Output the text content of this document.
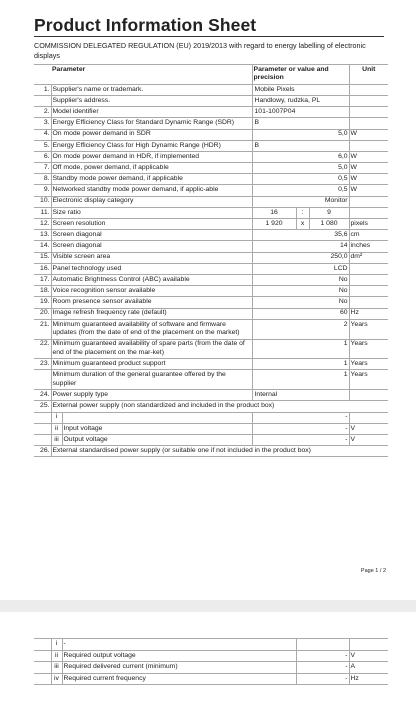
Product Information Sheet
COMMISSION DELEGATED REGULATION (EU) 2019/2013 with regard to energy labelling of electronic displays
Parameter			Parameter or value and precision			Unit
1.	Supplier's name or trademark.		Mobile Pixels			
	Supplier's address.		Handlowy, rudzka, PL			
2.	Model identifier		101-1007P04			
3.	Energy Efficiency Class for Standard Dynamic Range (SDR)		B			
4.	On mode power demand in SDR		5,0			W
5.	Energy Efficiency Class for High Dynamic Range (HDR)		B			
6.	On mode power demand in HDR, if implemented		6,0			W
7.	Off mode, power demand, if applicable		5,0			W
8.	Standby mode power demand, if applicable		0,5			W
9.	Networked standby mode power demand, if applic-able		0,5			W
10.	Electronic display category		Monitor			
11.	Size ratio		16	:	9	
12.	Screen resolution		1 920	x	1 080	pixels
13.	Screen diagonal		35,6			cm
14.	Screen diagonal		14			inches
15.	Visible screen area		250,0			dm²
16.	Panel technology used		LCD			
17.	Automatic Brightness Control (ABC) available		No			
18.	Voice recognition sensor available		No			
19.	Room presence sensor available		No			
20.	Image refresh frequency rate (default)		60			Hz
21.	Minimum guaranteed availability of software and firmware updates (from the date of end of the placement on the market)		2			Years
22.	Minimum guaranteed availability of spare parts (from the date of end of the placement on the mar-ket)		1			Years
23.	Minimum guaranteed product support		1			Years
	Minimum duration of the general guarantee offered by the supplier		1			Years
24.	Power supply type		Internal			
25.	External power supply (non standardized and included in the product box)					
	i		-			
	ii	Input voltage	-			V
	iii	Output voltage	-			V
26.	External standardised power supply (or suitable one if not included in the product box)					
Page 1 / 2
	i	-		
	ii	Required output voltage	-	V
	iii	Required delivered current (minimum)	-	A
	iv	Required current frequency	-	Hz
